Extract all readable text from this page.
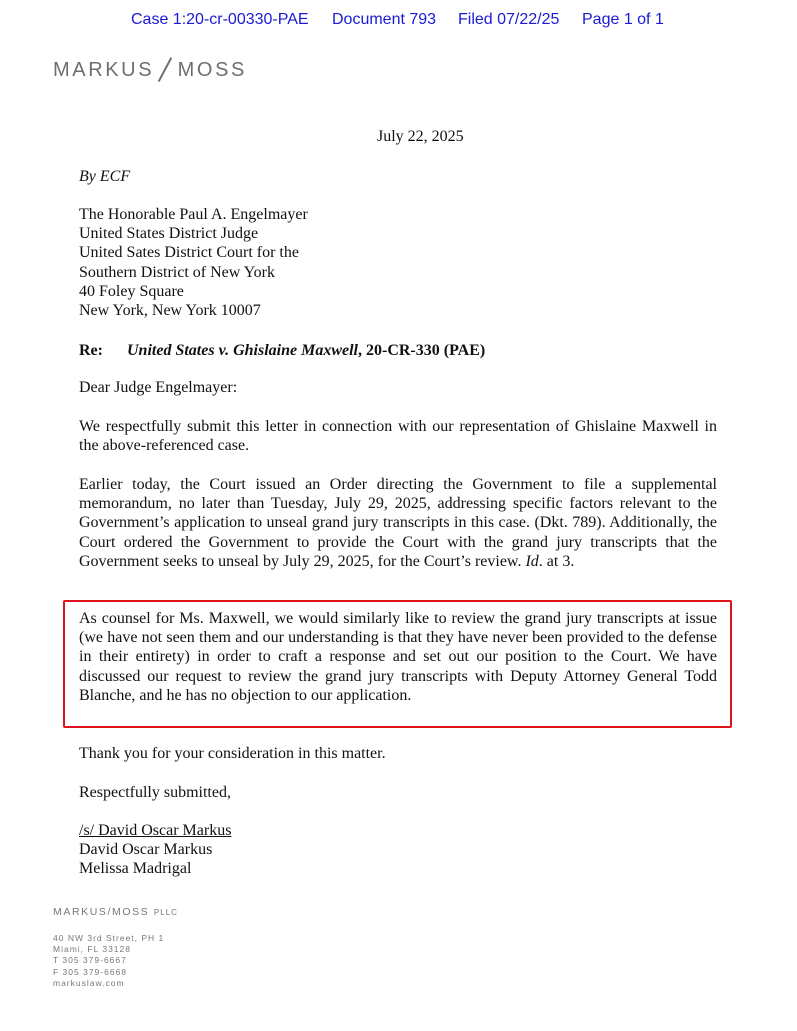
Case 1:20-cr-00330-PAE Document 793 Filed 07/22/25 Page 1 of 1
MARKUS MOSS
July 22, 2025
By ECF
The Honorable Paul A. Engelmayer
United States District Judge
United Sates District Court for the
Southern District of New York
40 Foley Square
New York, New York 10007
Re: United States v. Ghislaine Maxwell, 20-CR-330 (PAE)
Dear Judge Engelmayer:
We respectfully submit this letter in connection with our representation of Ghislaine Maxwell in the above-referenced case.
Earlier today, the Court issued an Order directing the Government to file a supplemental memorandum, no later than Tuesday, July 29, 2025, addressing specific factors relevant to the Government’s application to unseal grand jury transcripts in this case. (Dkt. 789). Additionally, the Court ordered the Government to provide the Court with the grand jury transcripts that the Government seeks to unseal by July 29, 2025, for the Court’s review. Id. at 3.
As counsel for Ms. Maxwell, we would similarly like to review the grand jury transcripts at issue (we have not seen them and our understanding is that they have never been provided to the defense in their entirety) in order to craft a response and set out our position to the Court. We have discussed our request to review the grand jury transcripts with Deputy Attorney General Todd Blanche, and he has no objection to our application.
Thank you for your consideration in this matter.
Respectfully submitted,
/s/ David Oscar Markus
David Oscar Markus
Melissa Madrigal
MARKUS/MOSS PLLC
40 NW 3rd Street, PH 1
Miami, FL 33128
T 305 379-6667
F 305 379-6668
markuslaw.com
